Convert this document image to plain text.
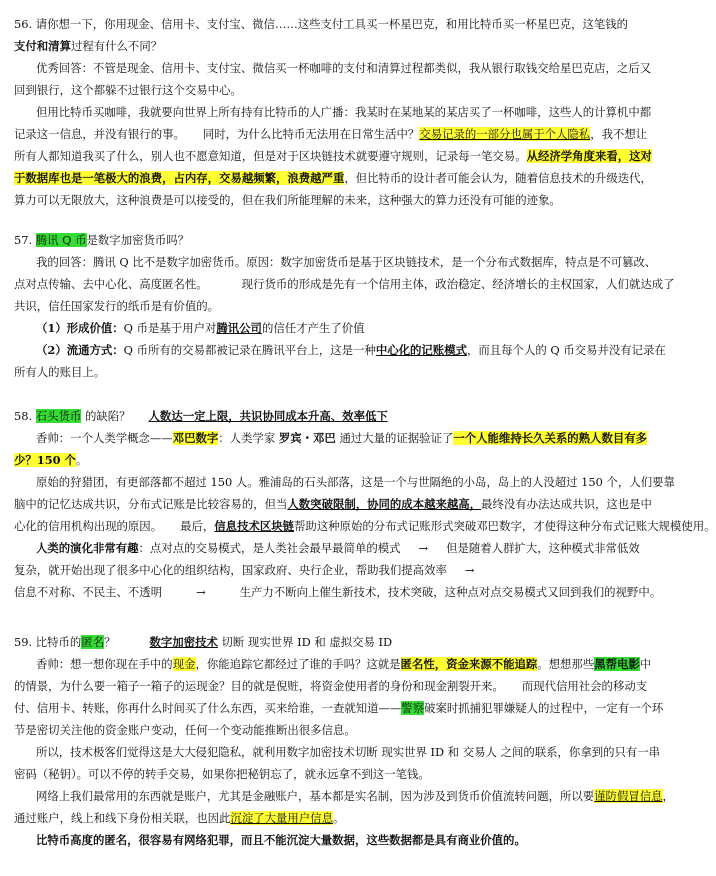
56. 请你想一下，你用现金、信用卡、支付宝、微信……这些支付工具买一杯星巴克，和用比特币买一杯星巴克，这笔钱的
支付和清算过程有什么不同？
优秀回答：不管是现金、信用卡、支付宝、微信买一杯咖啡的支付和清算过程都类似，我从银行取钱交给星巴克店，之后又
回到银行，这个都躲不过银行这个交易中心。
但用比特币买咖啡，我就要向世界上所有持有比特币的人广播：我某时在某地某的某店买了一杯咖啡，这些人的计算机中都
记录这一信息，并没有银行的事。 同时，为什么比特币无法用在日常生活中？交易记录的一部分也属于个人隐私，我不想让
所有人都知道我买了什么，别人也不愿意知道，但是对于区块链技术就要遵守规则，记录每一笔交易。从经济学角度来看，这对
于数据库也是一笔极大的浪费，占内存，交易越频繁，浪费越严重，但比特币的设计者可能会认为，随着信息技术的升级迭代，
算力可以无限放大，这种浪费是可以接受的，但在我们所能理解的未来，这种强大的算力还没有可能的迹象。
57. 腾讯 Q 币是数字加密货币吗？
我的回答：腾讯 Q 比不是数字加密货币。原因：数字加密货币是基于区块链技术，是一个分布式数据库，特点是不可篡改、
点对点传输、去中心化、高度匿名性。	现行货币的形成是先有一个信用主体，政治稳定、经济增长的主权国家，人们就达成了
共识，信任国家发行的纸币是有价值的。
（1）形成价值：Q 币是基于用户对腾讯公司的信任才产生了价值
（2）流通方式：Q 币所有的交易都被记录在腾讯平台上，这是一种中心化的记账模式，而且每个人的 Q 币交易并没有记录在
所有人的账目上。
58. 石头货币 的缺陷？ 人数达一定上限，共识协同成本升高、效率低下
香帅：一个人类学概念——邓巴数字：人类学家 罗宾・邓巴 通过大量的证据验证了一个人能维持长久关系的熟人数目有多
少？150 个。
原始的狩猎团，有更部落都不超过 150 人。雅浦岛的石头部落，这是一个与世隔绝的小岛，岛上的人没超过 150 个，人们要靠
脑中的记忆达成共识，分布式记账是比较容易的，但当人数突破限制，协同的成本越来越高，最终没有办法达成共识，这也是中
心化的信用机构出现的原因。 最后，信息技术区块链帮助这种原始的分布式记账形式突破邓巴数字，才使得这种分布式记账大规模使用。
人类的演化非常有趣：点对点的交易模式，是人类社会最早最简单的模式 → 但是随着人群扩大，这种模式非常低效
复杂，就开始出现了很多中心化的组织结构，国家政府、央行企业，帮助我们提高效率 →
信息不对称、不民主、不透明	→	生产力不断向上催生新技术，技术突破，这种点对点交易模式又回到我们的视野中。
59. 比特币的匿名？	数字加密技术 切断 现实世界 ID 和 虚拟交易 ID
香帅：想一想你现在手中的现金，你能追踪它都经过了谁的手吗？这就是匿名性，资金来源不能追踪。想想那些黑帮电影中
的情景，为什么要一箱子一箱子的运现金？目的就是倪赃，将资金使用者的身份和现金割裂开来。 而现代信用社会的移动支
付、信用卡、转账，你再什么时间买了什么东西，买来给谁，一查就知道——警察破案时抓捕犯罪嫌疑人的过程中，一定有一个环
节是密切关注他的资金账户变动，任何一个变动能推断出很多信息。
所以，技术极客们觉得这是大大侵犯隐私，就利用数字加密技术切断 现实世界 ID 和 交易人 之间的联系，你拿到的只有一串
密码（秘钥）。可以不停的转手交易，如果你把秘钥忘了，就永远拿不到这一笔钱。
网络上我们最常用的东西就是账户，尤其是金融账户，基本都是实名制，因为涉及到货币价值流转问题，所以要谨防假冒信息，
通过账户，线上和线下身份相关联，也因此沉淀了大量用户信息。
比特币高度的匿名，很容易有网络犯罪，而且不能沉淀大量数据，这些数据都是具有商业价值的。
